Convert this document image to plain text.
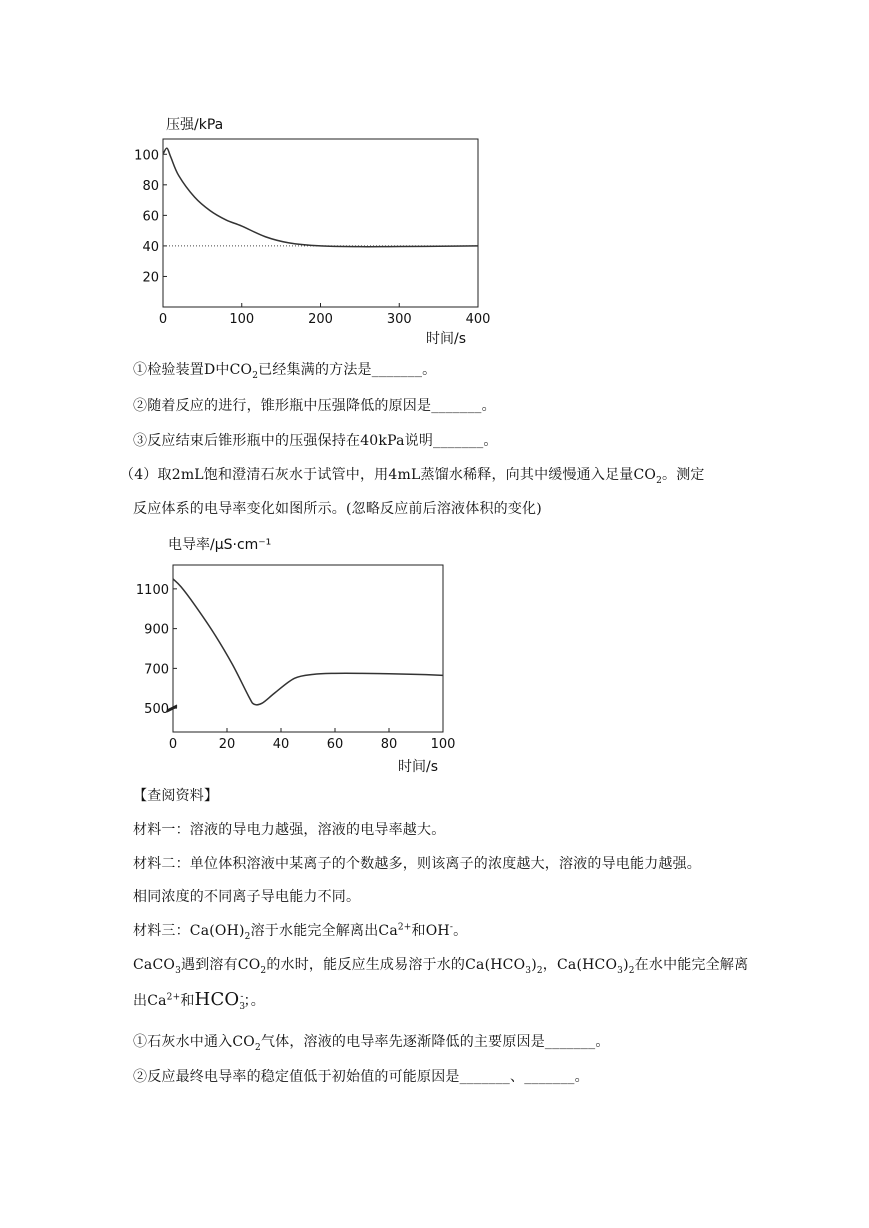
压强/kPa
0	100	200	300	400
20
40
60
80
100
时间/s
电导率/μS·cm⁻¹
0	20	40	60	80	100
500
700
900
1100
时间/s
①检验装置D中$CO_2$已经集满的方法是_______。
②随着反应的进行，锥形瓶中压强降低的原因是_______。
③反应结束后锥形瓶中的压强保持在40kPa说明_______。
（4）取2mL饱和澄清石灰水于试管中，用4mL蒸馏水稀释，向其中缓慢通入足量$CO_2$。测定
反应体系的电导率变化如图所示。(忽略反应前后溶液体积的变化)
【查阅资料】
材料一：溶液的导电力越强，溶液的电导率越大。
材料二：单位体积溶液中某离子的个数越多，则该离子的浓度越大，溶液的导电能力越强。
相同浓度的不同离子导电能力不同。
材料三：$Ca(OH)_2$溶于水能完全解离出$Ca^{2+}$和OH-。
CaCO$_3$遇到溶有$CO_2$的水时，能反应生成易溶于水的$Ca(HCO_3)_2$，$Ca(HCO_3)_2$在水中能完全解离
出$Ca^{2+}$和$HCO_3^-$；。
①石灰水中通入$CO_2$气体，溶液的电导率先逐渐降低的主要原因是_______。
②反应最终电导率的稳定值低于初始值的可能原因是_______、_______。
